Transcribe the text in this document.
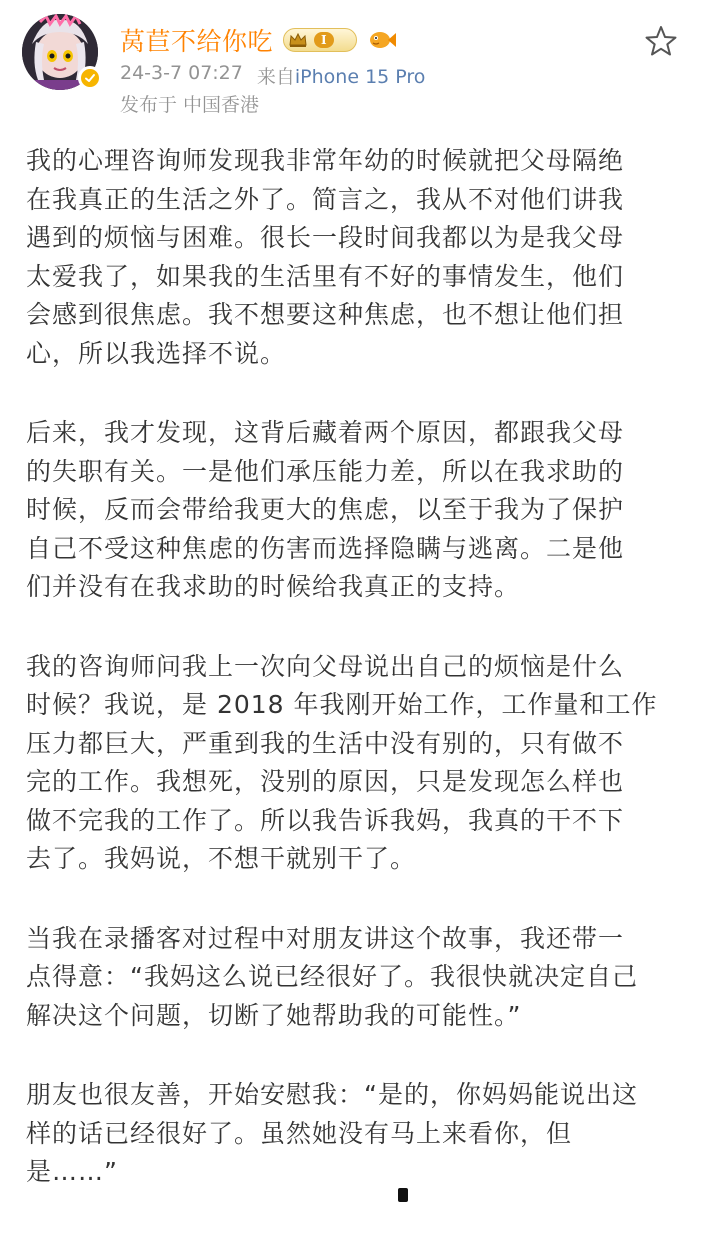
莴苣不给你吃	I
24-3-7 07:27 来自iPhone 15 Pro
发布于 中国香港

我的心理咨询师发现我非常年幼的时候就把父母隔绝
在我真正的生活之外了。简言之，我从不对他们讲我
遇到的烦恼与困难。很长一段时间我都以为是我父母
太爱我了，如果我的生活里有不好的事情发生，他们
会感到很焦虑。我不想要这种焦虑，也不想让他们担
心，所以我选择不说。

后来，我才发现，这背后藏着两个原因，都跟我父母
的失职有关。一是他们承压能力差，所以在我求助的
时候，反而会带给我更大的焦虑，以至于我为了保护
自己不受这种焦虑的伤害而选择隐瞒与逃离。二是他
们并没有在我求助的时候给我真正的支持。

我的咨询师问我上一次向父母说出自己的烦恼是什么
时候？我说，是 2018 年我刚开始工作，工作量和工作
压力都巨大，严重到我的生活中没有别的，只有做不
完的工作。我想死，没别的原因，只是发现怎么样也
做不完我的工作了。所以我告诉我妈，我真的干不下
去了。我妈说，不想干就别干了。

当我在录播客对过程中对朋友讲这个故事，我还带一
点得意：“我妈这么说已经很好了。我很快就决定自己
解决这个问题，切断了她帮助我的可能性。”

朋友也很友善，开始安慰我：“是的，你妈妈能说出这
样的话已经很好了。虽然她没有马上来看你，但
是……”
